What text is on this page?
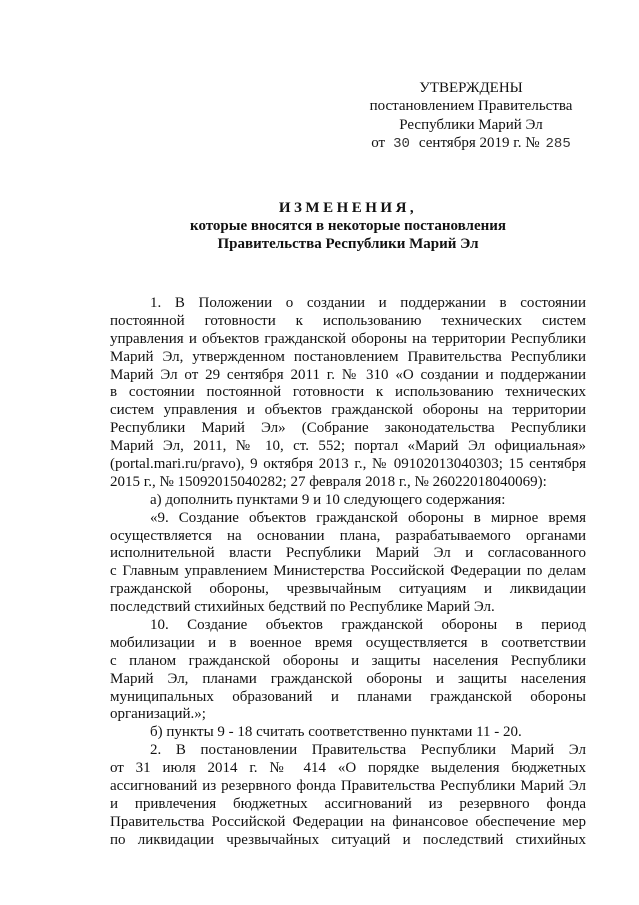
УТВЕРЖДЕНЫ
постановлением Правительства
Республики Марий Эл
от 30 сентября 2019 г. № 285
ИЗМЕНЕНИЯ,
которые вносятся в некоторые постановления
Правительства Республики Марий Эл
1. В Положении о создании и поддержании в состоянии
постоянной готовности к использованию технических систем
управления и объектов гражданской обороны на территории Республики
Марий Эл, утвержденном постановлением Правительства Республики
Марий Эл от 29 сентября 2011 г. № 310 «О создании и поддержании
в состоянии постоянной готовности к использованию технических
систем управления и объектов гражданской обороны на территории
Республики Марий Эл» (Собрание законодательства Республики
Марий Эл, 2011, № 10, ст. 552; портал «Марий Эл официальная»
(portal.mari.ru/pravo), 9 октября 2013 г., № 09102013040303; 15 сентября
2015 г., № 15092015040282; 27 февраля 2018 г., № 26022018040069):
а) дополнить пунктами 9 и 10 следующего содержания:
«9. Создание объектов гражданской обороны в мирное время
осуществляется на основании плана, разрабатываемого органами
исполнительной власти Республики Марий Эл и согласованного
с Главным управлением Министерства Российской Федерации по делам
гражданской обороны, чрезвычайным ситуациям и ликвидации
последствий стихийных бедствий по Республике Марий Эл.
10. Создание объектов гражданской обороны в период
мобилизации и в военное время осуществляется в соответствии
с планом гражданской обороны и защиты населения Республики
Марий Эл, планами гражданской обороны и защиты населения
муниципальных образований и планами гражданской обороны
организаций.»;
б) пункты 9 - 18 считать соответственно пунктами 11 - 20.
2. В постановлении Правительства Республики Марий Эл
от 31 июля 2014 г. № 414 «О порядке выделения бюджетных
ассигнований из резервного фонда Правительства Республики Марий Эл
и привлечения бюджетных ассигнований из резервного фонда
Правительства Российской Федерации на финансовое обеспечение мер
по ликвидации чрезвычайных ситуаций и последствий стихийных
